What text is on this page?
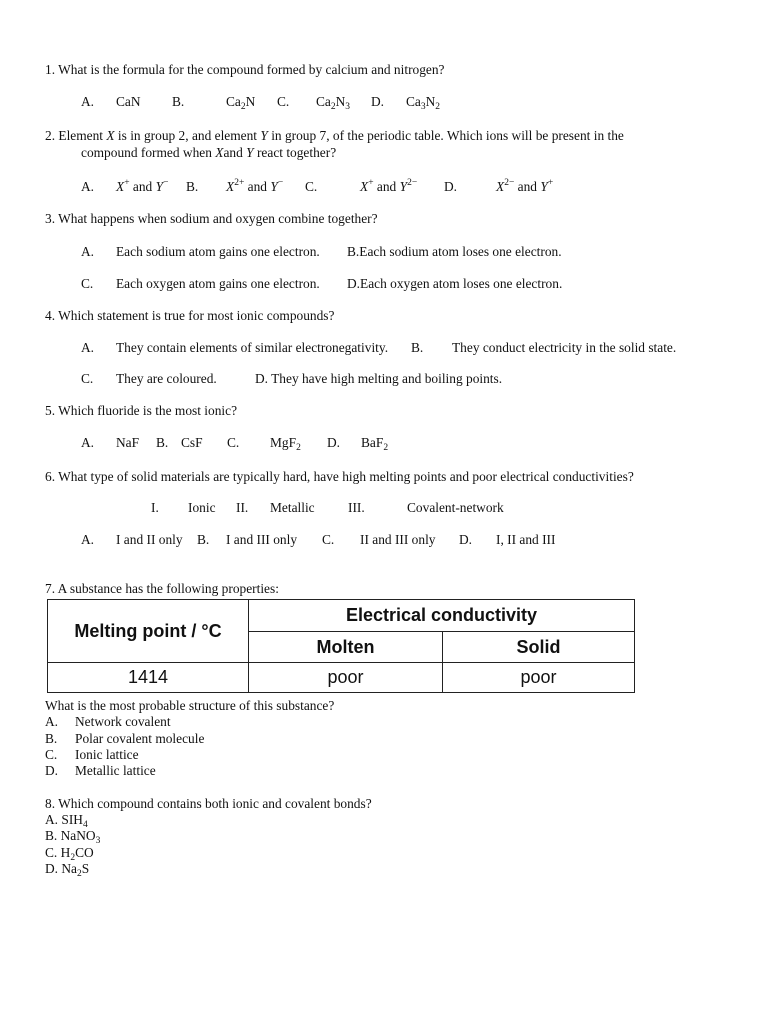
1. What is the formula for the compound formed by calcium and nitrogen?
A. CaN B.	$Ca_2N$ C. $Ca_2N_3$ D. $Ca_3N_2$
2. Element X is in group 2, and element Y in group 7, of the periodic table. Which ions will be present in the
compound formed when Xand Y react together?
A. X+ and Y− B. $X^{2+}$ and Y− C.	X+ and $Y^{2-}$ D.	$X^{2-}$ and Y+
3. What happens when sodium and oxygen combine together?
A. Each sodium atom gains one electron. B.Each sodium atom loses one electron.
C. Each oxygen atom gains one electron. D.Each oxygen atom loses one electron.
4. Which statement is true for most ionic compounds?
A. They contain elements of similar electronegativity. B. They conduct electricity in the solid state.
C. They are coloured.	D. They have high melting and boiling points.
5. Which fluoride is the most ionic?
A. NaF B. CsF C. MgF$_2$ D. BaF$_2$
6. What type of solid materials are typically hard, have high melting points and poor electrical conductivities?
I. Ionic II. Metallic III.	Covalent-network
A. I and II only B. I and III only C. II and III only D. I, II and III
7. A substance has the following properties:
Melting point / °C	Electrical conductivity	
	Molten	Solid
1414	poor	poor
What is the most probable structure of this substance?
A. Network covalent
B. Polar covalent molecule
C. Ionic lattice
D. Metallic lattice
8. Which compound contains both ionic and covalent bonds?
A. $SIH_4$
B. NaNO$_3$
C. $H_2CO$
D. $Na_2S$
